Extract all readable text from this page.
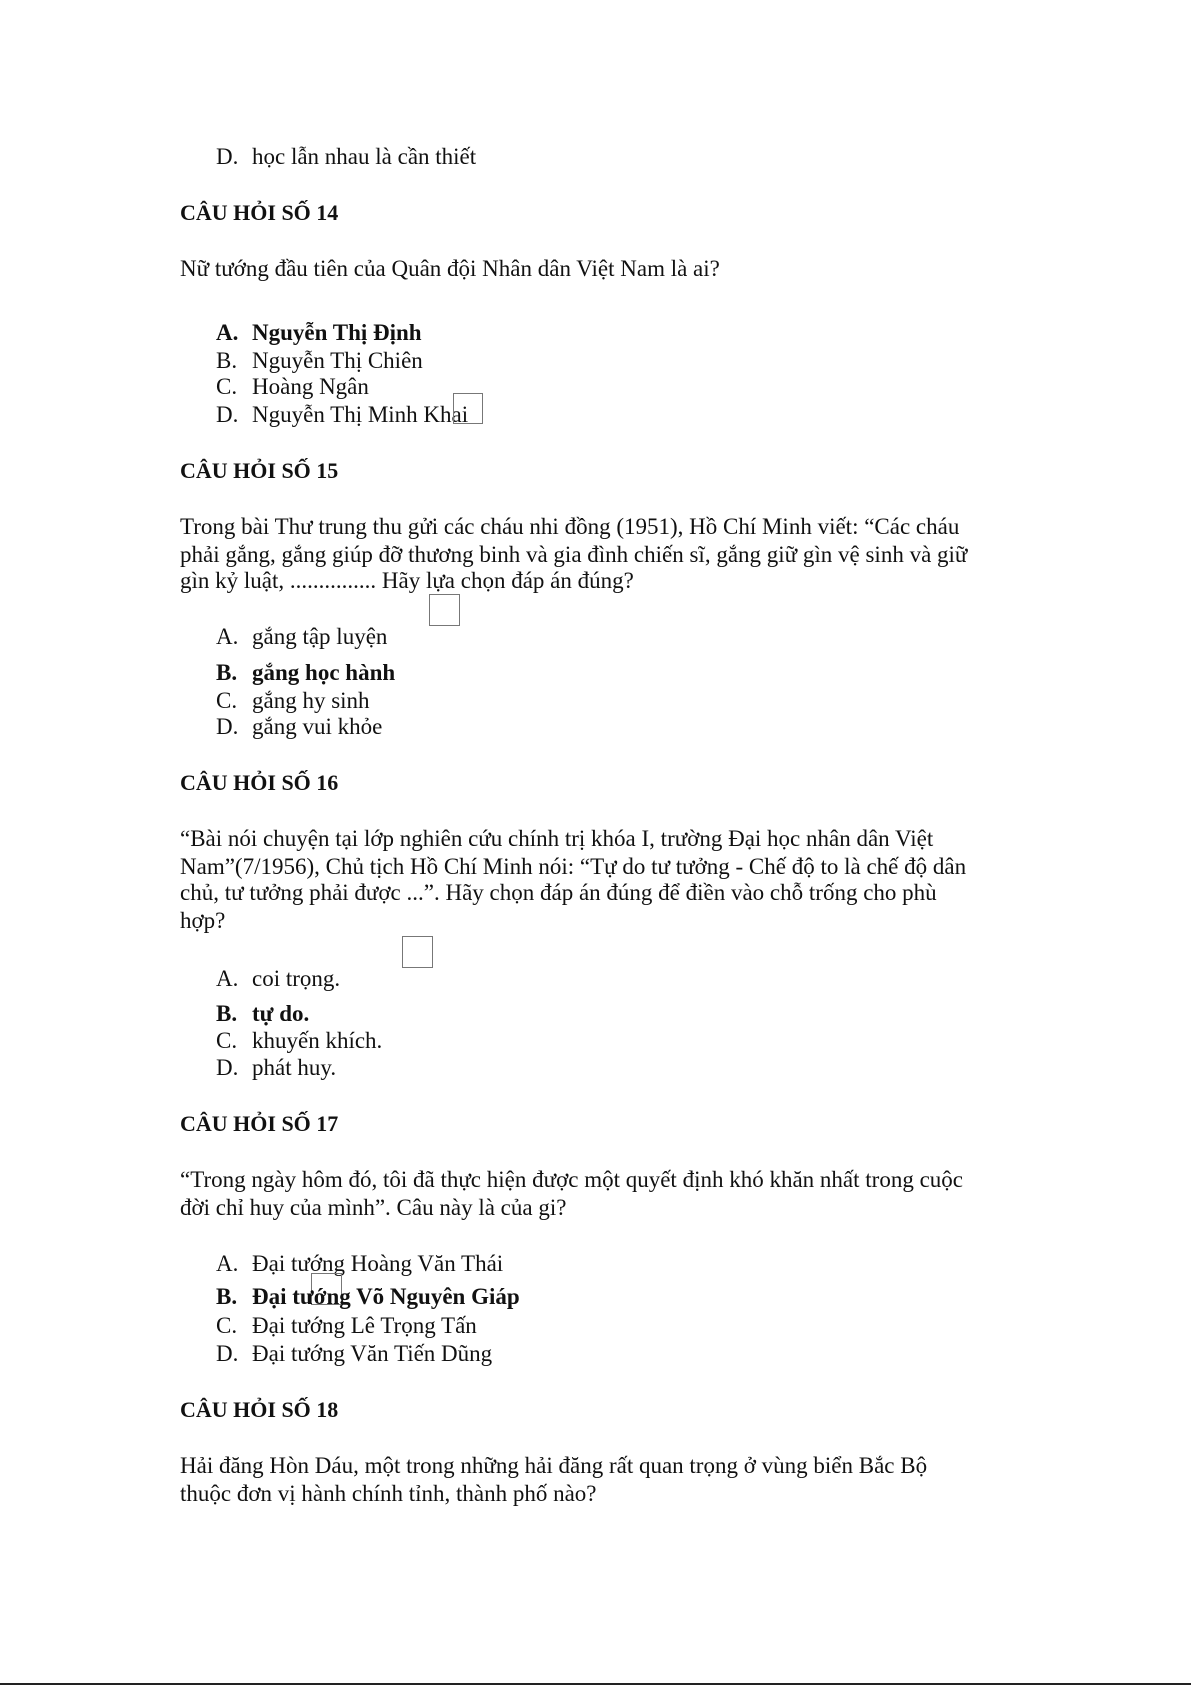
D. học lẫn nhau là cần thiết
CÂU HỎI SỐ 14
Nữ tướng đầu tiên của Quân đội Nhân dân Việt Nam là ai?
A. Nguyễn Thị Định
B. Nguyễn Thị Chiên
C. Hoàng Ngân
D. Nguyễn Thị Minh Khai
CÂU HỎI SỐ 15
Trong bài Thư trung thu gửi các cháu nhi đồng (1951), Hồ Chí Minh viết: “Các cháu
phải gắng, gắng giúp đỡ thương binh và gia đình chiến sĩ, gắng giữ gìn vệ sinh và giữ
gìn kỷ luật, ............... Hãy lựa chọn đáp án đúng?
A. gắng tập luyện
B. gắng học hành
C. gắng hy sinh
D. gắng vui khỏe
CÂU HỎI SỐ 16
“Bài nói chuyện tại lớp nghiên cứu chính trị khóa I, trường Đại học nhân dân Việt
Nam”(7/1956), Chủ tịch Hồ Chí Minh nói: “Tự do tư tưởng - Chế độ to là chế độ dân
chủ, tư tưởng phải được ...”. Hãy chọn đáp án đúng để điền vào chỗ trống cho phù
hợp?
A. coi trọng.
B. tự do.
C. khuyến khích.
D. phát huy.
CÂU HỎI SỐ 17
“Trong ngày hôm đó, tôi đã thực hiện được một quyết định khó khăn nhất trong cuộc
đời chỉ huy của mình”. Câu này là của gi?
A. Đại tướng Hoàng Văn Thái
B. Đại tướng Võ Nguyên Giáp
C. Đại tướng Lê Trọng Tấn
D. Đại tướng Văn Tiến Dũng
CÂU HỎI SỐ 18
Hải đăng Hòn Dáu, một trong những hải đăng rất quan trọng ở vùng biển Bắc Bộ
thuộc đơn vị hành chính tỉnh, thành phố nào?
